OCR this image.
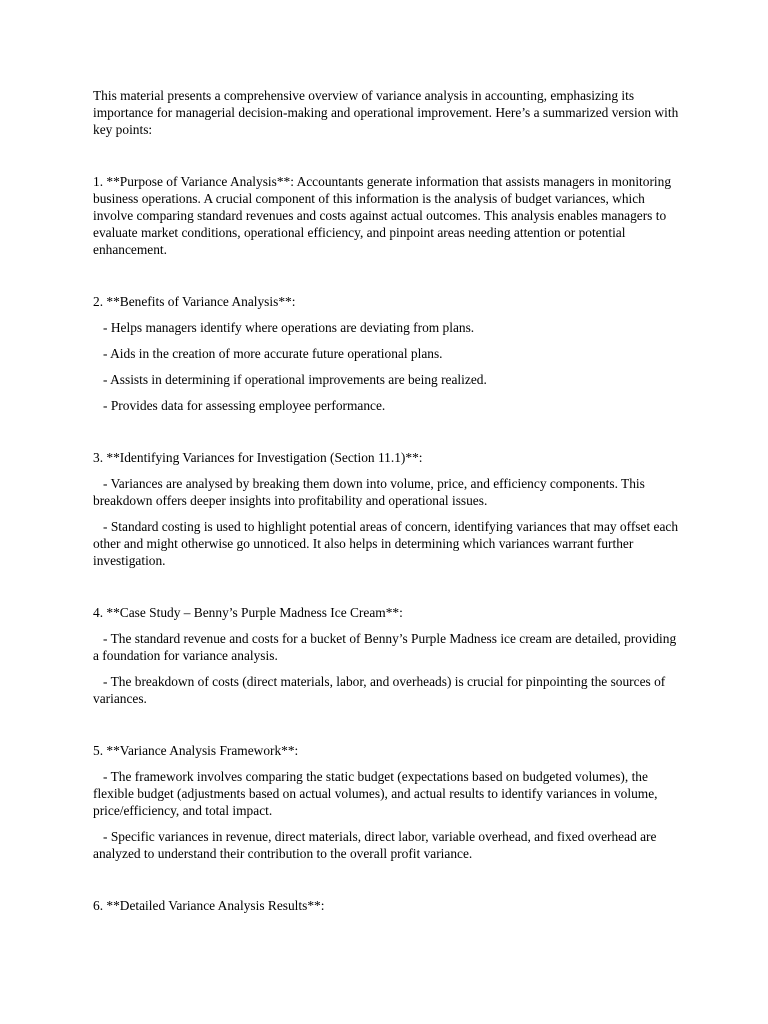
This material presents a comprehensive overview of variance analysis in accounting, emphasizing its importance for managerial decision-making and operational improvement. Here’s a summarized version with key points:

1. **Purpose of Variance Analysis**: Accountants generate information that assists managers in monitoring business operations. A crucial component of this information is the analysis of budget variances, which involve comparing standard revenues and costs against actual outcomes. This analysis enables managers to evaluate market conditions, operational efficiency, and pinpoint areas needing attention or potential enhancement.

2. **Benefits of Variance Analysis**:

- Helps managers identify where operations are deviating from plans.

- Aids in the creation of more accurate future operational plans.

- Assists in determining if operational improvements are being realized.

- Provides data for assessing employee performance.

3. **Identifying Variances for Investigation (Section 11.1)**:

- Variances are analysed by breaking them down into volume, price, and efficiency components. This breakdown offers deeper insights into profitability and operational issues.

- Standard costing is used to highlight potential areas of concern, identifying variances that may offset each other and might otherwise go unnoticed. It also helps in determining which variances warrant further investigation.

4. **Case Study – Benny’s Purple Madness Ice Cream**:

- The standard revenue and costs for a bucket of Benny’s Purple Madness ice cream are detailed, providing a foundation for variance analysis.

- The breakdown of costs (direct materials, labor, and overheads) is crucial for pinpointing the sources of variances.

5. **Variance Analysis Framework**:

- The framework involves comparing the static budget (expectations based on budgeted volumes), the flexible budget (adjustments based on actual volumes), and actual results to identify variances in volume, price/efficiency, and total impact.

- Specific variances in revenue, direct materials, direct labor, variable overhead, and fixed overhead are analyzed to understand their contribution to the overall profit variance.

6. **Detailed Variance Analysis Results**:
